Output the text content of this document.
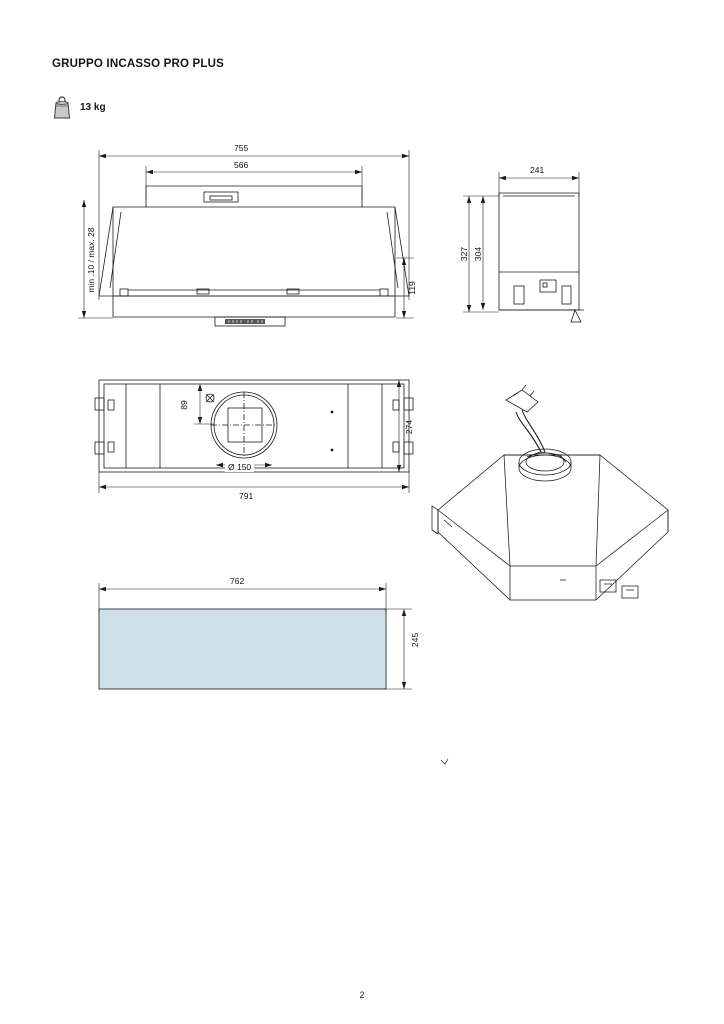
GRUPPO INCASSO PRO PLUS
13 kg
755
566
min .10 / max. 28	119
241
327 304
89
274
791
Ø 150
762
245
2
